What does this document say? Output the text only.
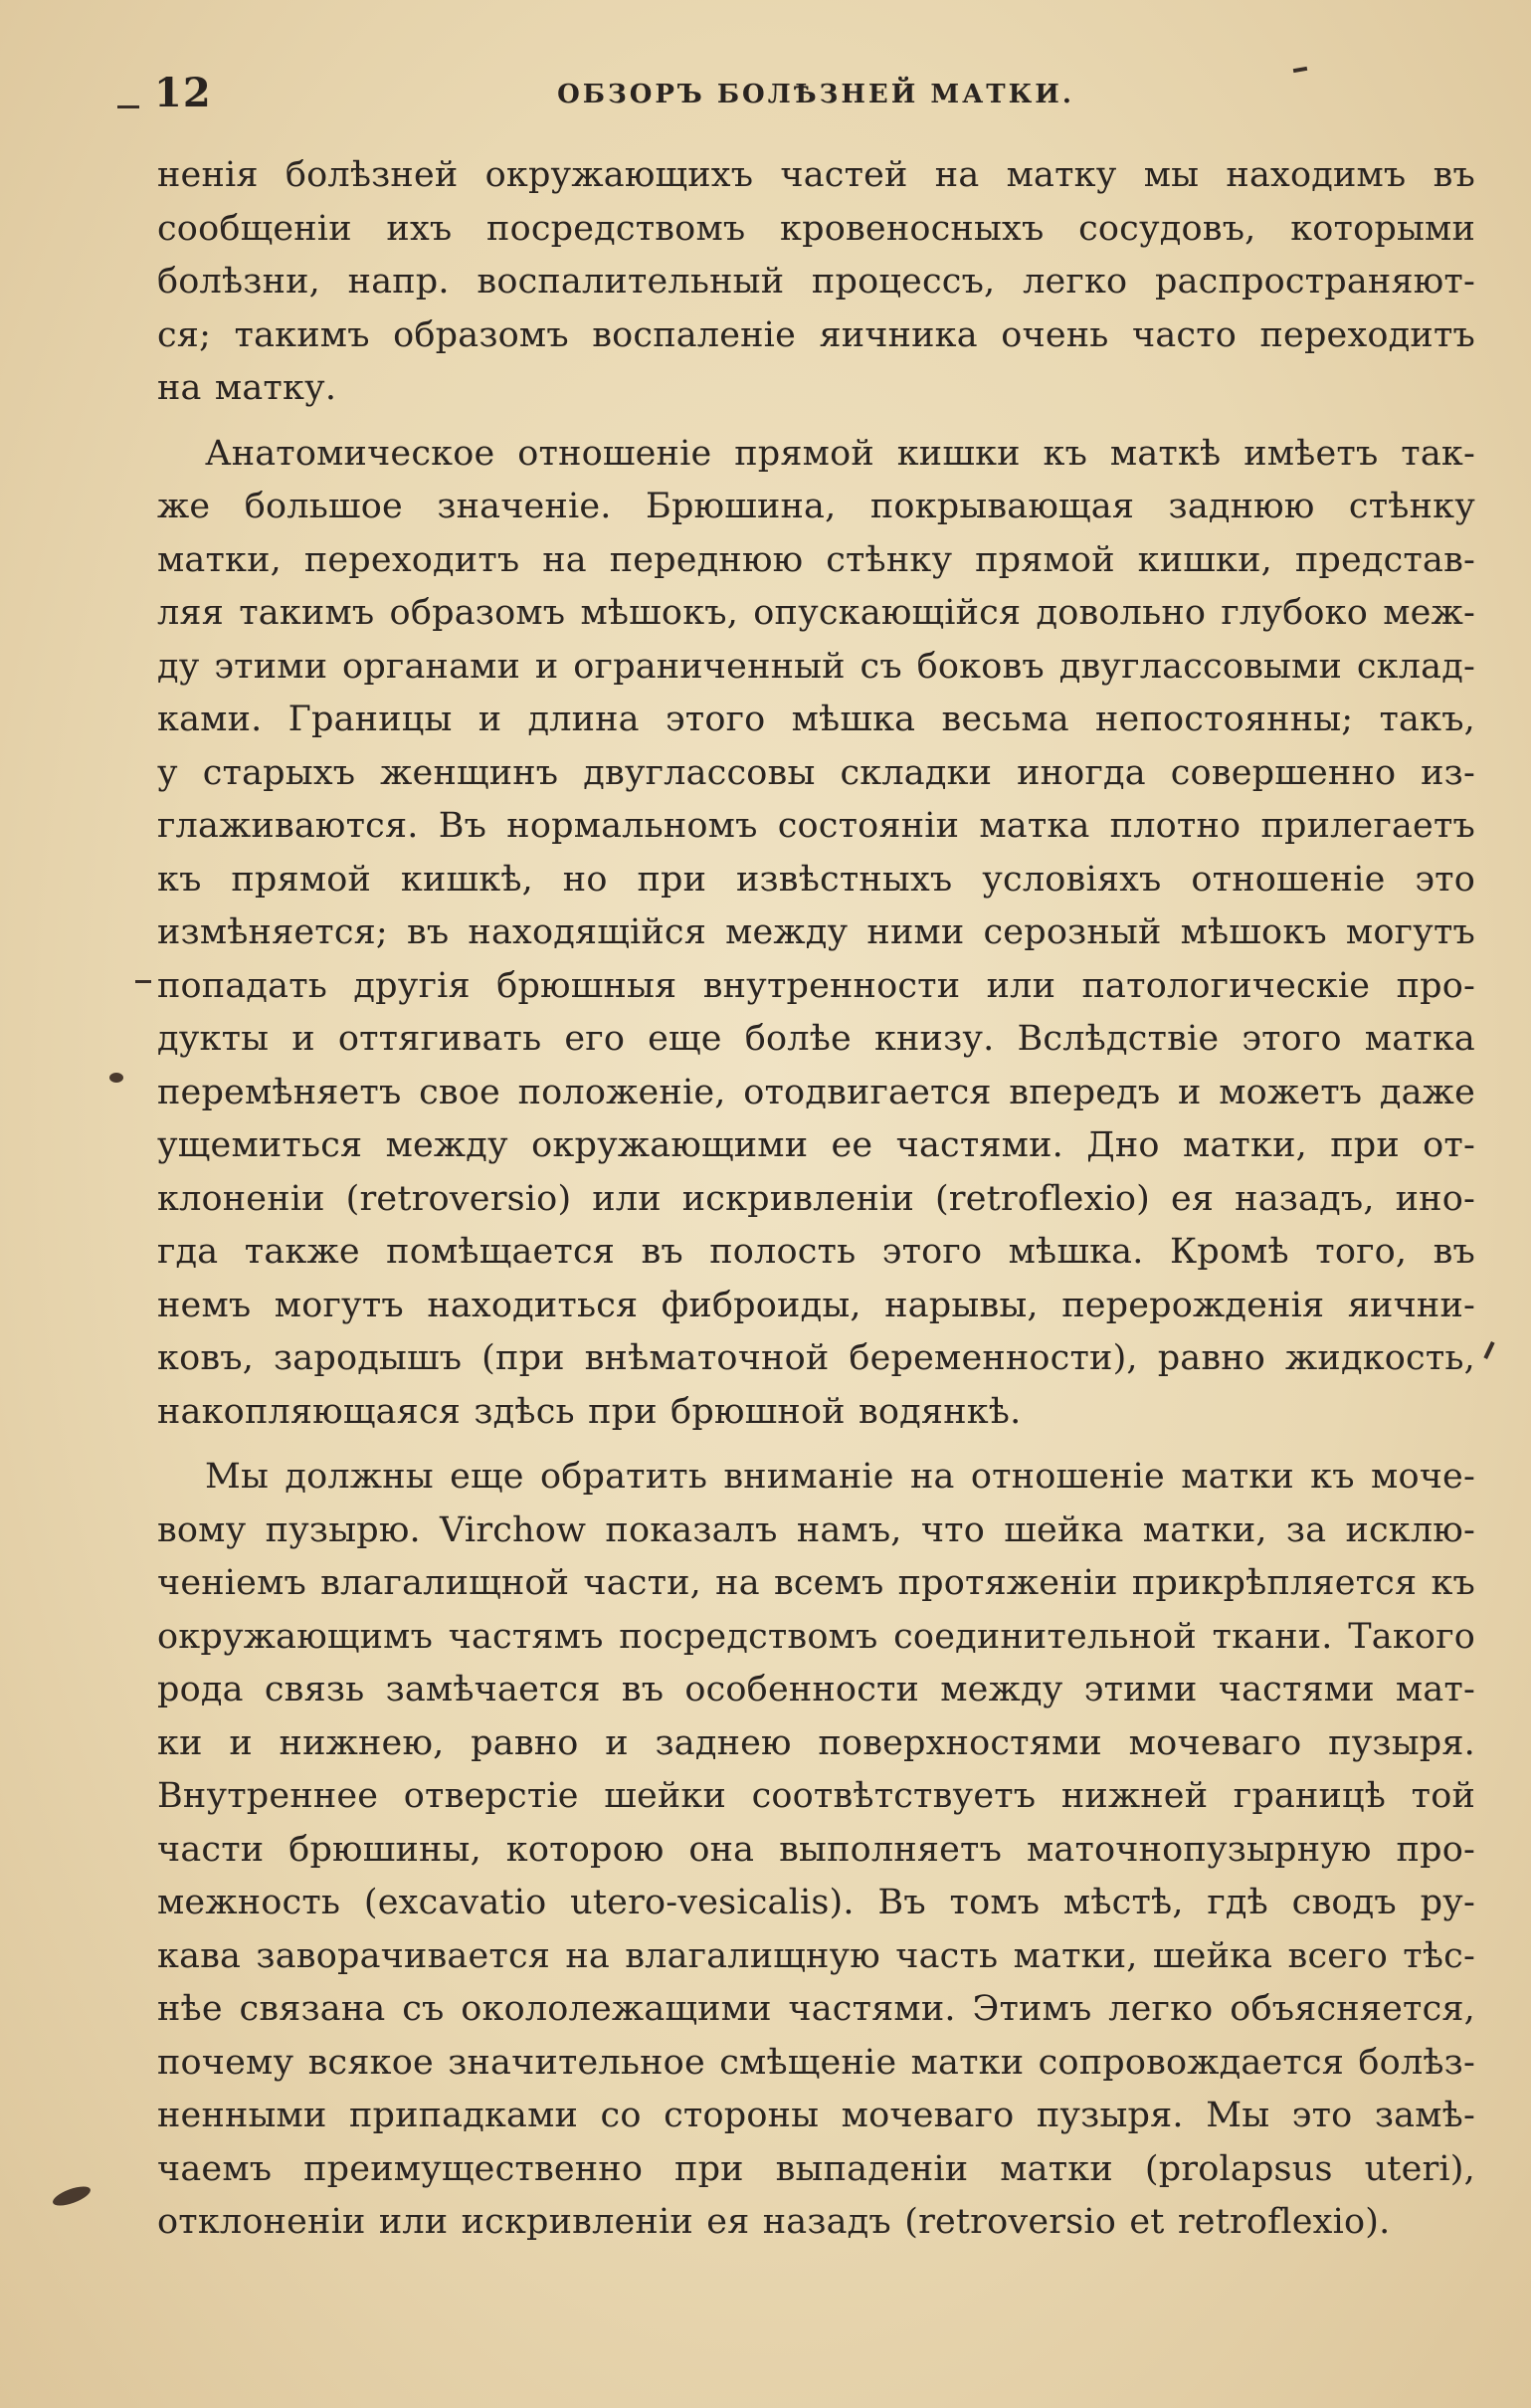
12	ОБЗОРЪ БОЛѢЗНЕЙ МАТКИ.
ненія болѣзней окружающихъ частей на матку мы находимъ въ
сообщеніи ихъ посредствомъ кровеносныхъ сосудовъ, которыми
болѣзни, напр. воспалительный процессъ, легко распространяют-
ся; такимъ образомъ воспаленіе яичника очень часто переходитъ
на матку.
Анатомическое отношеніе прямой кишки къ маткѣ имѣетъ так-
же большое значеніе. Брюшина, покрывающая заднюю стѣнку
матки, переходитъ на переднюю стѣнку прямой кишки, представ-
ляя такимъ образомъ мѣшокъ, опускающійся довольно глубоко меж-
ду этими органами и ограниченный съ боковъ двуглассовыми склад-
ками. Границы и длина этого мѣшка весьма непостоянны; такъ,
у старыхъ женщинъ двуглассовы складки иногда совершенно из-
глаживаются. Въ нормальномъ состояніи матка плотно прилегаетъ
къ прямой кишкѣ, но при извѣстныхъ условіяхъ отношеніе это
измѣняется; въ находящійся между ними серозный мѣшокъ могутъ
попадать другія брюшныя внутренности или патологическіе про-
дукты и оттягивать его еще болѣе книзу. Вслѣдствіе этого матка
перемѣняетъ свое положеніе, отодвигается впередъ и можетъ даже
ущемиться между окружающими ее частями. Дно матки, при от-
клоненіи (retroversio) или искривленіи (retroflexio) ея назадъ, ино-
гда также помѣщается въ полость этого мѣшка. Кромѣ того, въ
немъ могутъ находиться фиброиды, нарывы, перерожденія яични-
ковъ, зародышъ (при внѣматочной беременности), равно жидкость,
накопляющаяся здѣсь при брюшной водянкѣ.
Мы должны еще обратить вниманіе на отношеніе матки къ моче-
вому пузырю. Virchow показалъ намъ, что шейка матки, за исклю-
ченіемъ влагалищной части, на всемъ протяженіи прикрѣпляется къ
окружающимъ частямъ посредствомъ соединительной ткани. Такого
рода связь замѣчается въ особенности между этими частями мат-
ки и нижнею, равно и заднею поверхностями мочеваго пузыря.
Внутреннее отверстіе шейки соотвѣтствуетъ нижней границѣ той
части брюшины, которою она выполняетъ маточнопузырную про-
межность (excavatio utero-vesicalis). Въ томъ мѣстѣ, гдѣ сводъ ру-
кава заворачивается на влагалищную часть матки, шейка всего тѣс-
нѣе связана съ окололежащими частями. Этимъ легко объясняется,
почему всякое значительное смѣщеніе матки сопровождается болѣз-
ненными припадками со стороны мочеваго пузыря. Мы это замѣ-
чаемъ преимущественно при выпаденіи матки (prolapsus uteri),
отклоненіи или искривленіи ея назадъ (retroversio et retroflexio).
